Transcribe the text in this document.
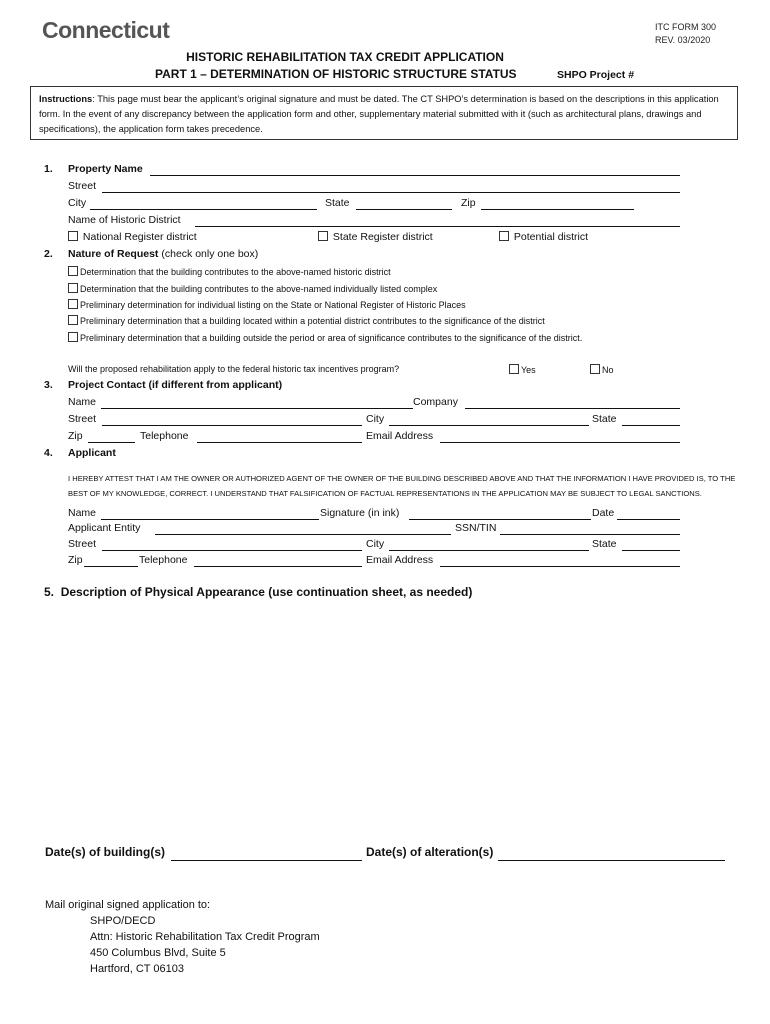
Connecticut	ITC FORM 300
REV. 03/2020
HISTORIC REHABILITATION TAX CREDIT APPLICATION
PART 1 – DETERMINATION OF HISTORIC STRUCTURE STATUS	SHPO Project #
Instructions: This page must bear the applicant’s original signature and must be dated. The CT SHPO’s determination is based on the descriptions in this application form. In the event of any discrepancy between the application form and other, supplementary material submitted with it (such as architectural plans, drawings and specifications), the application form takes precedence.
1. Property Name
Street
City	State	Zip
Name of Historic District
National Register district	State Register district	Potential district
2. Nature of Request (check only one box)
Determination that the building contributes to the above-named historic district
Determination that the building contributes to the above-named individually listed complex
Preliminary determination for individual listing on the State or National Register of Historic Places
Preliminary determination that a building located within a potential district contributes to the significance of the district
Preliminary determination that a building outside the period or area of significance contributes to the significance of the district.
Will the proposed rehabilitation apply to the federal historic tax incentives program?	Yes	No
3. Project Contact (if different from applicant)
Name	Company
Street	City	State
Zip	Telephone	Email Address
4. Applicant
I HEREBY ATTEST THAT I AM THE OWNER OR AUTHORIZED AGENT OF THE OWNER OF THE BUILDING DESCRIBED ABOVE AND THAT THE INFORMATION I HAVE PROVIDED IS, TO THE
BEST OF MY KNOWLEDGE, CORRECT. I UNDERSTAND THAT FALSIFICATION OF FACTUAL REPRESENTATIONS IN THE APPLICATION MAY BE SUBJECT TO LEGAL SANCTIONS.
Name	Signature (in ink)	Date
Applicant Entity	SSN/TIN
Street	City	State
Zip	Telephone	Email Address
5. Description of Physical Appearance (use continuation sheet, as needed)
Date(s) of building(s)	Date(s) of alteration(s)
Mail original signed application to:
SHPO/DECD
Attn: Historic Rehabilitation Tax Credit Program
450 Columbus Blvd, Suite 5
Hartford, CT 06103
